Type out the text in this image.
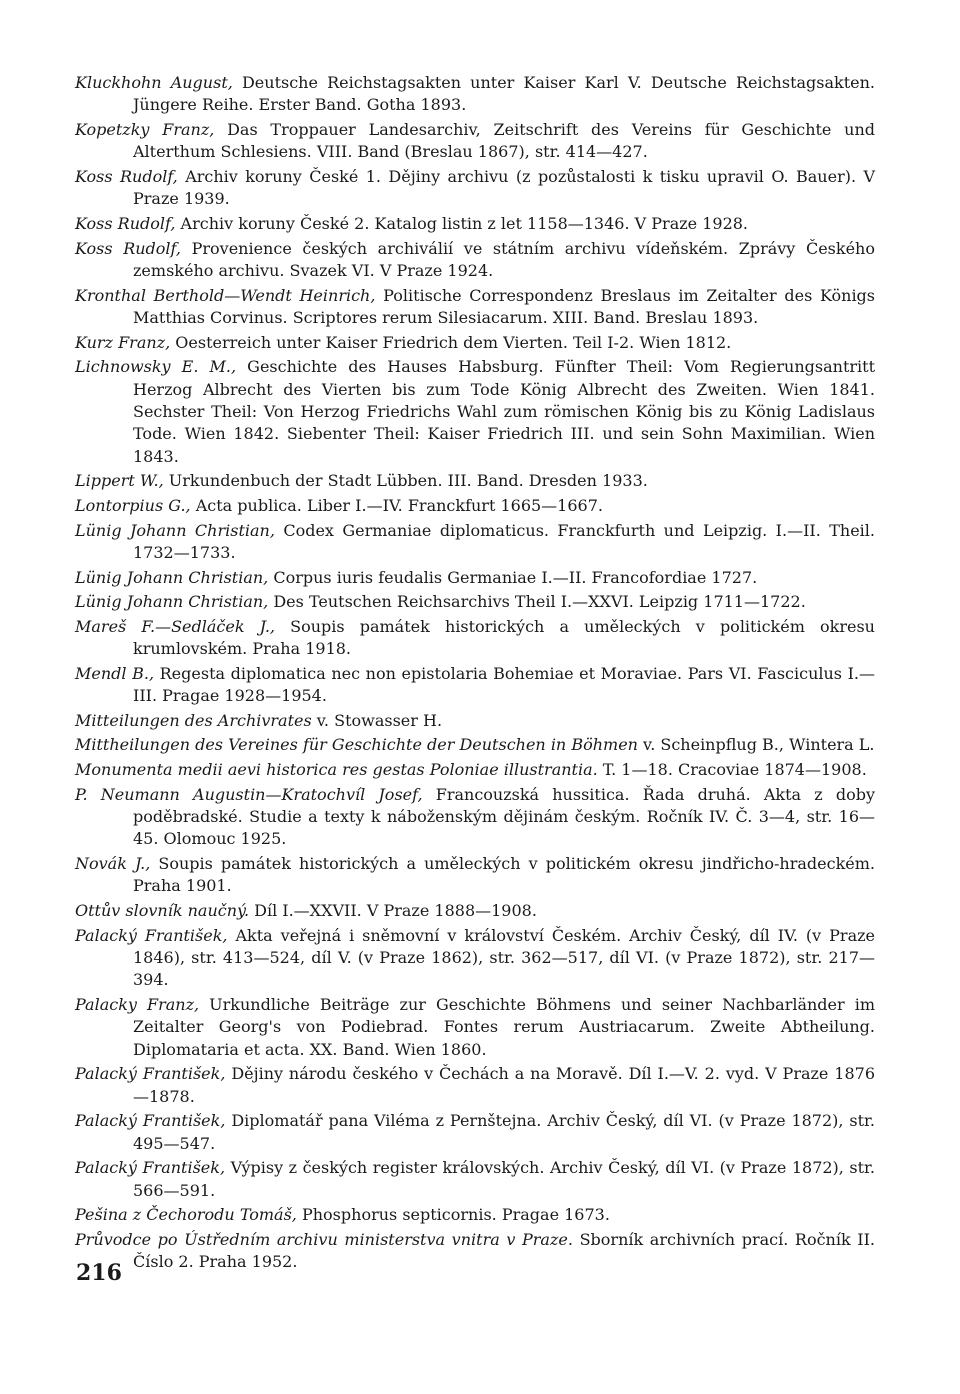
Kluckhohn August, Deutsche Reichstagsakten unter Kaiser Karl V. Deutsche Reichstagsakten. Jüngere Reihe. Erster Band. Gotha 1893.

Kopetzky Franz, Das Troppauer Landesarchiv, Zeitschrift des Vereins für Geschichte und Alterthum Schlesiens. VIII. Band (Breslau 1867), str. 414—427.

Koss Rudolf, Archiv koruny České 1. Dějiny archivu (z pozůstalosti k tisku upravil O. Bauer). V Praze 1939.

Koss Rudolf, Archiv koruny České 2. Katalog listin z let 1158—1346. V Praze 1928.

Koss Rudolf, Provenience českých archiválií ve státním archivu vídeňském. Zprávy Českého zemského archivu. Svazek VI. V Praze 1924.

Kronthal Berthold—Wendt Heinrich, Politische Correspondenz Breslaus im Zeitalter des Königs Matthias Corvinus. Scriptores rerum Silesiacarum. XIII. Band. Breslau 1893.

Kurz Franz, Oesterreich unter Kaiser Friedrich dem Vierten. Teil I-2. Wien 1812.

Lichnowsky E. M., Geschichte des Hauses Habsburg. Fünfter Theil: Vom Regierungsantritt Herzog Albrecht des Vierten bis zum Tode König Albrecht des Zweiten. Wien 1841. Sechster Theil: Von Herzog Friedrichs Wahl zum römischen König bis zu König Ladislaus Tode. Wien 1842. Siebenter Theil: Kaiser Friedrich III. und sein Sohn Maximilian. Wien 1843.

Lippert W., Urkundenbuch der Stadt Lübben. III. Band. Dresden 1933.

Lontorpius G., Acta publica. Liber I.—IV. Franckfurt 1665—1667.

Lünig Johann Christian, Codex Germaniae diplomaticus. Franckfurth und Leipzig. I.—II. Theil. 1732—1733.

Lünig Johann Christian, Corpus iuris feudalis Germaniae I.—II. Francofordiae 1727.

Lünig Johann Christian, Des Teutschen Reichsarchivs Theil I.—XXVI. Leipzig 1711—1722.

Mareš F.—Sedláček J., Soupis památek historických a uměleckých v politickém okresu krumlovském. Praha 1918.

Mendl B., Regesta diplomatica nec non epistolaria Bohemiae et Moraviae. Pars VI. Fasciculus I.—III. Pragae 1928—1954.

Mitteilungen des Archivrates v. Stowasser H.

Mittheilungen des Vereines für Geschichte der Deutschen in Böhmen v. Scheinpflug B., Wintera L.

Monumenta medii aevi historica res gestas Poloniae illustrantia. T. 1—18. Cracoviae 1874—1908.

P. Neumann Augustin—Kratochvíl Josef, Francouzská hussitica. Řada druhá. Akta z doby poděbradské. Studie a texty k náboženským dějinám českým. Ročník IV. Č. 3—4, str. 16—45. Olomouc 1925.

Novák J., Soupis památek historických a uměleckých v politickém okresu jindřicho-hradeckém. Praha 1901.

Ottův slovník naučný. Díl I.—XXVII. V Praze 1888—1908.

Palacký František, Akta veřejná i sněmovní v království Českém. Archiv Český, díl IV. (v Praze 1846), str. 413—524, díl V. (v Praze 1862), str. 362—517, díl VI. (v Praze 1872), str. 217—394.

Palacky Franz, Urkundliche Beiträge zur Geschichte Böhmens und seiner Nachbarländer im Zeitalter Georg's von Podiebrad. Fontes rerum Austriacarum. Zweite Abtheilung. Diplomataria et acta. XX. Band. Wien 1860.

Palacký František, Dějiny národu českého v Čechách a na Moravě. Díl I.—V. 2. vyd. V Praze 1876—1878.

Palacký František, Diplomatář pana Viléma z Pernštejna. Archiv Český, díl VI. (v Praze 1872), str. 495—547.

Palacký František, Výpisy z českých register královských. Archiv Český, díl VI. (v Praze 1872), str. 566—591.

Pešina z Čechorodu Tomáš, Phosphorus septicornis. Pragae 1673.

Průvodce po Ústředním archivu ministerstva vnitra v Praze. Sborník archivních prací. Ročník II. Číslo 2. Praha 1952.

216
